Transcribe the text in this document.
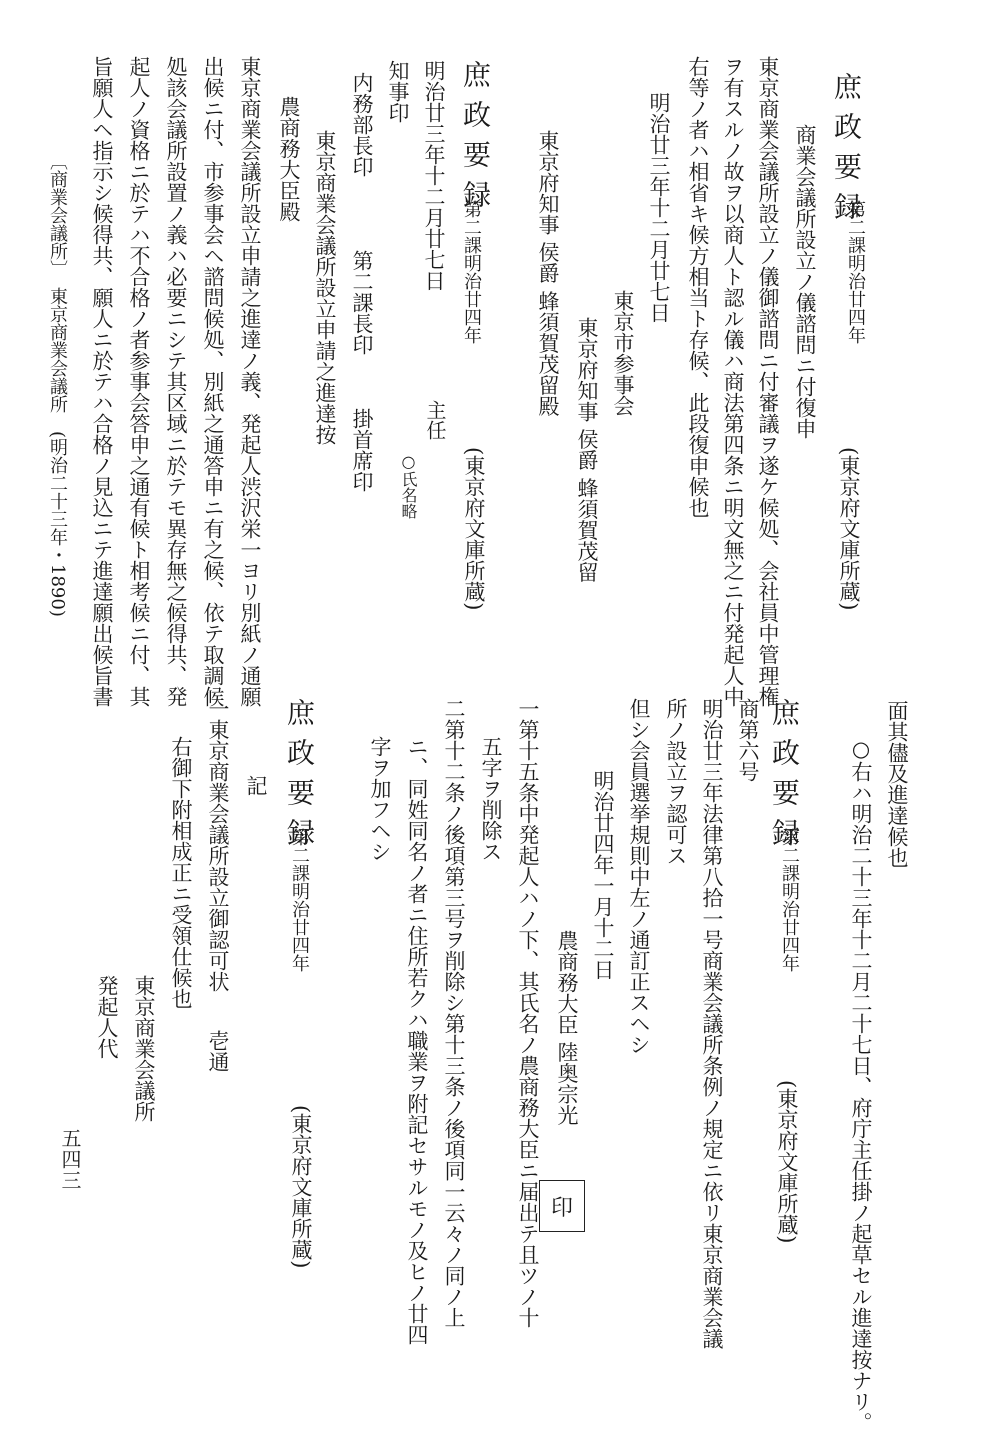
庶政要録
第二課明治廿四年
(東京府文庫所蔵)
商業会議所設立ノ儀諮問ニ付復申
東京商業会議所設立ノ儀御諮問ニ付審議ヲ遂ケ候処、会社員中管理権
ヲ有スルノ故ヲ以商人ト認ル儀ハ商法第四条ニ明文無之ニ付発起人中
右等ノ者ハ相省キ候方相当ト存候、此段復申候也
明治廿三年十二月廿七日
東京市参事会
東京府知事 侯爵 蜂須賀茂留
東京府知事 侯爵 蜂須賀茂留殿
庶政要録
第二課明治廿四年
(東京府文庫所蔵)
明治廿三年十二月廿七日
主任
○氏名略
知事印
内務部長印
第二課長印
掛首席印
東京商業会議所設立申請之進達按
農商務大臣殿
東京商業会議所設立申請之進達ノ義、発起人渋沢栄一ヨリ別紙ノ通願
出候ニ付、市参事会ヘ諮問候処、別紙之通答申ニ有之候、依テ取調候
処該会議所設置ノ義ハ必要ニシテ其区域ニ於テモ異存無之候得共、発
起人ノ資格ニ於テハ不合格ノ者参事会答申之通有候ト相考候ニ付、其
旨願人ヘ指示シ候得共、願人ニ於テハ合格ノ見込ニテ進達願出候旨書
〔商業会議所〕　東京商業会議所　(明治二十三年・1890)
五四三
面其儘及進達候也
○右ハ明治二十三年十二月二十七日、府庁主任掛ノ起草セル進達按ナリ。
庶政要録
第二課明治廿四年
(東京府文庫所蔵)
商第六号
明治廿三年法律第八拾一号商業会議所条例ノ規定ニ依リ東京商業会議
所ノ設立ヲ認可ス
但シ会員選挙規則中左ノ通訂正スヘシ
明治廿四年一月十二日
農商務大臣 陸奥宗光
印
一第十五条中発起人ハノ下、其氏名ノ農商務大臣ニ届出テ且ツノ十
五字ヲ削除ス
二第十二条ノ後項第三号ヲ削除シ第十三条ノ後項同一云々ノ同ノ上
ニ、同姓同名ノ者ニ住所若クハ職業ヲ附記セサルモノ及ヒノ廿四
字ヲ加フヘシ
庶政要録
第二課明治廿四年
(東京府文庫所蔵)
記
一東京商業会議所設立御認可状
壱通
右御下附相成正ニ受領仕候也
東京商業会議所
発起人代
